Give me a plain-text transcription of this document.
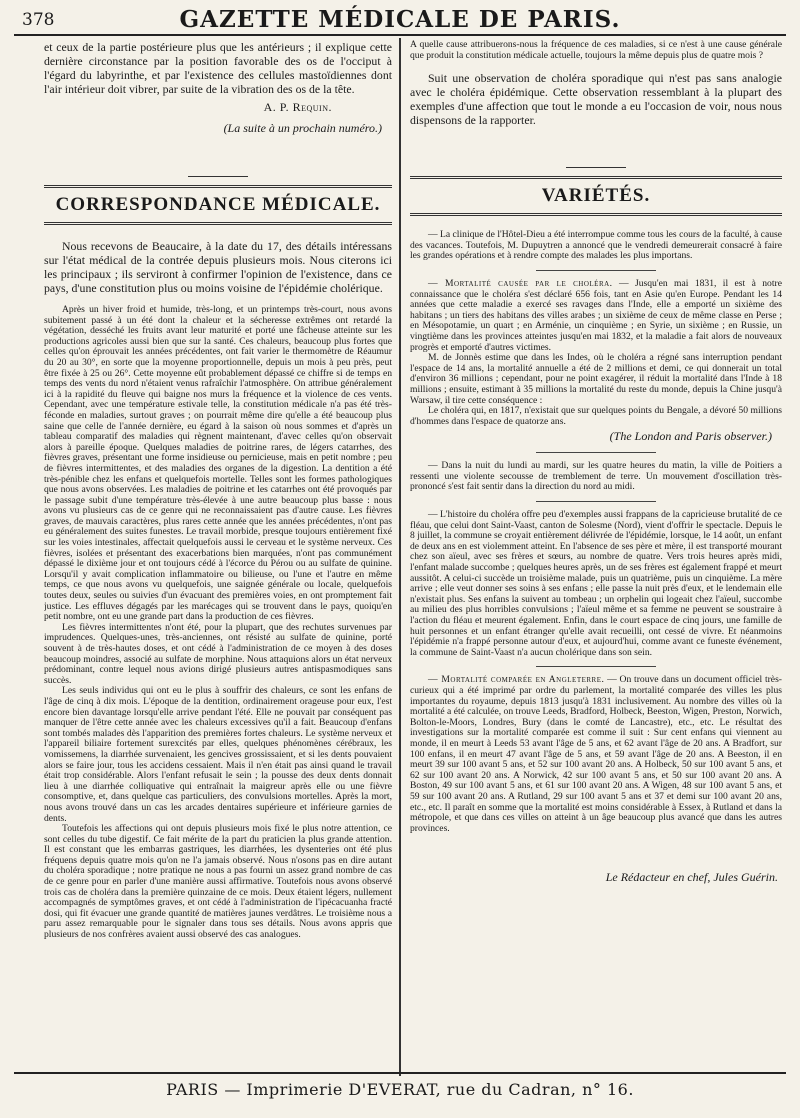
378	GAZETTE MÉDICALE DE PARIS.

et ceux de la partie postérieure plus que les antérieurs ; il explique cette dernière circonstance par la position favorable des os de l'occiput à l'égard du labyrinthe, et par l'existence des cellules mastoïdiennes dont l'air intérieur doit vibrer, par suite de la vibration des os de la tête.

A. P. Requin.
(La suite à un prochain numéro.)
CORRESPONDANCE MÉDICALE.

Nous recevons de Beaucaire, à la date du 17, des détails intéressans sur l'état médical de la contrée depuis plusieurs mois. Nous citerons ici les principaux ; ils serviront à confirmer l'opinion de l'existence, dans ce pays, d'une constitution plus ou moins voisine de l'épidémie cholérique.

Après un hiver froid et humide, très-long, et un printemps très-court, nous avons subitement passé à un été dont la chaleur et la sécheresse extrêmes ont retardé la végétation, desséché les fruits avant leur maturité et porté une fâcheuse atteinte sur les productions agricoles aussi bien que sur la santé. Ces chaleurs, beaucoup plus fortes que celles qu'on éprouvait les années précédentes, ont fait varier le thermomètre de Réaumur du 20 au 30°, en sorte que la moyenne proportionnelle, depuis un mois à peu près, peut être fixée à 25 ou 26°. Cette moyenne eût probablement dépassé ce chiffre si de temps en temps des vents du nord n'étaient venus rafraîchir l'atmosphère. On attribue généralement ici à la rapidité du fleuve qui baigne nos murs la fréquence et la violence de ces vents. Cependant, avec une température estivale telle, la constitution médicale n'a pas été très-féconde en maladies, surtout graves ; on pourrait même dire qu'elle a été beaucoup plus saine que celle de l'année dernière, eu égard à la saison où nous sommes et d'après un tableau comparatif des maladies qui règnent maintenant, d'avec celles qu'on observait alors à pareille époque. Quelques maladies de poitrine rares, de légers catarrhes, des fièvres graves, présentant une forme insidieuse ou pernicieuse, mais en petit nombre ; peu de fièvres intermittentes, et des maladies des organes de la digestion. La dentition a été très-pénible chez les enfans et quelquefois mortelle. Telles sont les formes pathologiques que nous avons observées. Les maladies de poitrine et les catarrhes ont été provoqués par le passage subit d'une température très-élevée à une autre beaucoup plus basse : nous avons vu plusieurs cas de ce genre qui ne reconnaissaient pas d'autre cause. Les fièvres graves, de mauvais caractères, plus rares cette année que les années précédentes, n'ont pas eu généralement des suites funestes. Le travail morbide, presque toujours entièrement fixé sur les voies intestinales, affectait quelquefois aussi le cerveau et le système nerveux. Ces fièvres, isolées et présentant des exacerbations bien marquées, n'ont pas communément dépassé le dixième jour et ont toujours cédé à l'écorce du Pérou ou au sulfate de quinine. Lorsqu'il y avait complication inflammatoire ou bilieuse, ou l'une et l'autre en même temps, ce que nous avons vu quelquefois, une saignée générale ou locale, quelquefois toutes deux, seules ou suivies d'un évacuant des premières voies, en ont promptement fait justice. Les effluves dégagés par les marécages qui se trouvent dans le pays, quoiqu'en petit nombre, ont eu une grande part dans la production de ces fièvres.

Les fièvres intermittentes n'ont été, pour la plupart, que des rechutes survenues par imprudences. Quelques-unes, très-anciennes, ont résisté au sulfate de quinine, porté souvent à de très-hautes doses, et ont cédé à l'administration de ce moyen à des doses beaucoup moindres, associé au sulfate de morphine. Nous attaquions alors un état nerveux prédominant, contre lequel nous avions dirigé plusieurs autres antispasmodiques sans succès.

Les seuls individus qui ont eu le plus à souffrir des chaleurs, ce sont les enfans de l'âge de cinq à dix mois. L'époque de la dentition, ordinairement orageuse pour eux, l'est encore bien davantage lorsqu'elle arrive pendant l'été. Elle ne pouvait par conséquent pas manquer de l'être cette année avec les chaleurs excessives qu'il a fait. Beaucoup d'enfans sont tombés malades dès l'apparition des premières fortes chaleurs. Le système nerveux et l'appareil biliaire fortement surexcités par elles, quelques phénomènes cérébraux, les vomissemens, la diarrhée survenaient, les gencives grossissaient, et si les dents pouvaient alors se faire jour, tous les accidens cessaient. Mais il n'en était pas ainsi quand le travail était trop considérable. Alors l'enfant refusait le sein ; la pousse des deux dents donnait lieu à une diarrhée colliquative qui entraînait la maigreur après elle ou une fièvre consomptive, et, dans quelque cas particuliers, des convulsions mortelles. Après la mort, nous avons trouvé dans un cas les arcades dentaires supérieure et inférieure garnies de dents.

Toutefois les affections qui ont depuis plusieurs mois fixé le plus notre attention, ce sont celles du tube digestif. Ce fait mérite de la part du praticien la plus grande attention. Il est constant que les embarras gastriques, les diarrhées, les dysenteries ont été plus fréquens depuis quatre mois qu'on ne l'a jamais observé. Nous n'osons pas en dire autant du choléra sporadique ; notre pratique ne nous a pas fourni un assez grand nombre de cas de ce genre pour en parler d'une manière aussi affirmative. Toutefois nous avons observé trois cas de choléra dans la première quinzaine de ce mois. Deux étaient légers, nullement accompagnés de symptômes graves, et ont cédé à l'administration de l'ipécacuanha fracté dosi, qui fit évacuer une grande quantité de matières jaunes verdâtres. Le troisième nous a paru assez remarquable pour le signaler dans tous ses détails. Nous avons appris que plusieurs de nos confrères avaient aussi observé des cas analogues.

A quelle cause attribuerons-nous la fréquence de ces maladies, si ce n'est à une cause générale que produit la constitution médicale actuelle, toujours la même depuis plus de quatre mois ?

Suit une observation de choléra sporadique qui n'est pas sans analogie avec le choléra épidémique. Cette observation ressemblant à la plupart des exemples d'une affection que tout le monde a eu l'occasion de voir, nous nous dispensons de la rapporter.

VARIÉTÉS.

— La clinique de l'Hôtel-Dieu a été interrompue comme tous les cours de la faculté, à cause des vacances. Toutefois, M. Dupuytren a annoncé que le vendredi demeurerait consacré à faire les grandes opérations et à rendre compte des malades les plus importans.

— Mortalité causée par le choléra. — Jusqu'en mai 1831, il est à notre connaissance que le choléra s'est déclaré 656 fois, tant en Asie qu'en Europe. Pendant les 14 années que cette maladie a exercé ses ravages dans l'Inde, elle a emporté un sixième des habitans ; un tiers des habitans des villes arabes ; un sixième de ceux de même classe en Perse ; en Mésopotamie, un quart ; en Arménie, un cinquième ; en Syrie, un sixième ; en Russie, un vingtième dans les provinces atteintes jusqu'en mai 1832, et la maladie a fait alors de nouveaux progrès et emporté d'autres victimes.

M. de Jonnès estime que dans les Indes, où le choléra a régné sans interruption pendant l'espace de 14 ans, la mortalité annuelle a été de 2 millions et demi, ce qui donnerait un total d'environ 36 millions ; cependant, pour ne point exagérer, il réduit la mortalité dans l'Inde à 18 millions ; ensuite, estimant à 35 millions la mortalité du reste du monde, depuis la Chine jusqu'à Warsaw, il tire cette conséquence :

Le choléra qui, en 1817, n'existait que sur quelques points du Bengale, a dévoré 50 millions d'hommes dans l'espace de quatorze ans.

(The London and Paris observer.)

— Dans la nuit du lundi au mardi, sur les quatre heures du matin, la ville de Poitiers a ressenti une violente secousse de tremblement de terre. Un mouvement d'oscillation très-prononcé s'est fait sentir dans la direction du nord au midi.

— L'histoire du choléra offre peu d'exemples aussi frappans de la capricieuse brutalité de ce fléau, que celui dont Saint-Vaast, canton de Solesme (Nord), vient d'offrir le spectacle. Depuis le 8 juillet, la commune se croyait entièrement délivrée de l'épidémie, lorsque, le 14 août, un enfant de deux ans en est violemment atteint. En l'absence de ses père et mère, il est transporté mourant chez son aïeul, avec ses frères et sœurs, au nombre de quatre. Vers trois heures après midi, l'enfant malade succombe ; quelques heures après, un de ses frères est également frappé et meurt aussitôt. A celui-ci succède un troisième malade, puis un quatrième, puis un cinquième. La mère arrive ; elle veut donner ses soins à ses enfans ; elle passe la nuit près d'eux, et le lendemain elle n'existait plus. Ses enfans la suivent au tombeau ; un orphelin qui logeait chez l'aïeul, succombe au milieu des plus horribles convulsions ; l'aïeul même et sa femme ne peuvent se soustraire à l'action du fléau et meurent également. Enfin, dans le court espace de cinq jours, une famille de huit personnes et un enfant étranger qu'elle avait recueilli, ont cessé de vivre. Et néanmoins l'épidémie n'a frappé personne autour d'eux, et aujourd'hui, comme avant ce funeste événement, la commune de Saint-Vaast n'a aucun cholérique dans son sein.

— Mortalité comparée en Angleterre. — On trouve dans un document officiel très-curieux qui a été imprimé par ordre du parlement, la mortalité comparée des villes les plus importantes du royaume, depuis 1813 jusqu'à 1831 inclusivement. Au nombre des villes où la mortalité a été calculée, on trouve Leeds, Bradford, Holbeck, Beeston, Wigen, Preston, Norwich, Bolton-le-Moors, Londres, Bury (dans le comté de Lancastre), etc., etc. Le résultat des investigations sur la mortalité comparée est comme il suit : Sur cent enfans qui viennent au monde, il en meurt à Leeds 53 avant l'âge de 5 ans, et 62 avant l'âge de 20 ans. A Bradfort, sur 100 enfans, il en meurt 47 avant l'âge de 5 ans, et 59 avant l'âge de 20 ans. A Beeston, il en meurt 39 sur 100 avant 5 ans, et 52 sur 100 avant 20 ans. A Holbeck, 50 sur 100 avant 5 ans, et 62 sur 100 avant 20 ans. A Norwick, 42 sur 100 avant 5 ans, et 50 sur 100 avant 20 ans. A Boston, 49 sur 100 avant 5 ans, et 61 sur 100 avant 20 ans. A Wigen, 48 sur 100 avant 5 ans, et 59 sur 100 avant 20 ans. A Rutland, 29 sur 100 avant 5 ans et 37 et demi sur 100 avant 20 ans, etc., etc. Il paraît en somme que la mortalité est moins considérable à Essex, à Rutland et dans la métropole, et que dans ces villes on atteint à un âge beaucoup plus avancé que dans les autres provinces.

Le Rédacteur en chef, Jules Guérin.
PARIS — Imprimerie D'EVERAT, rue du Cadran, n° 16.
